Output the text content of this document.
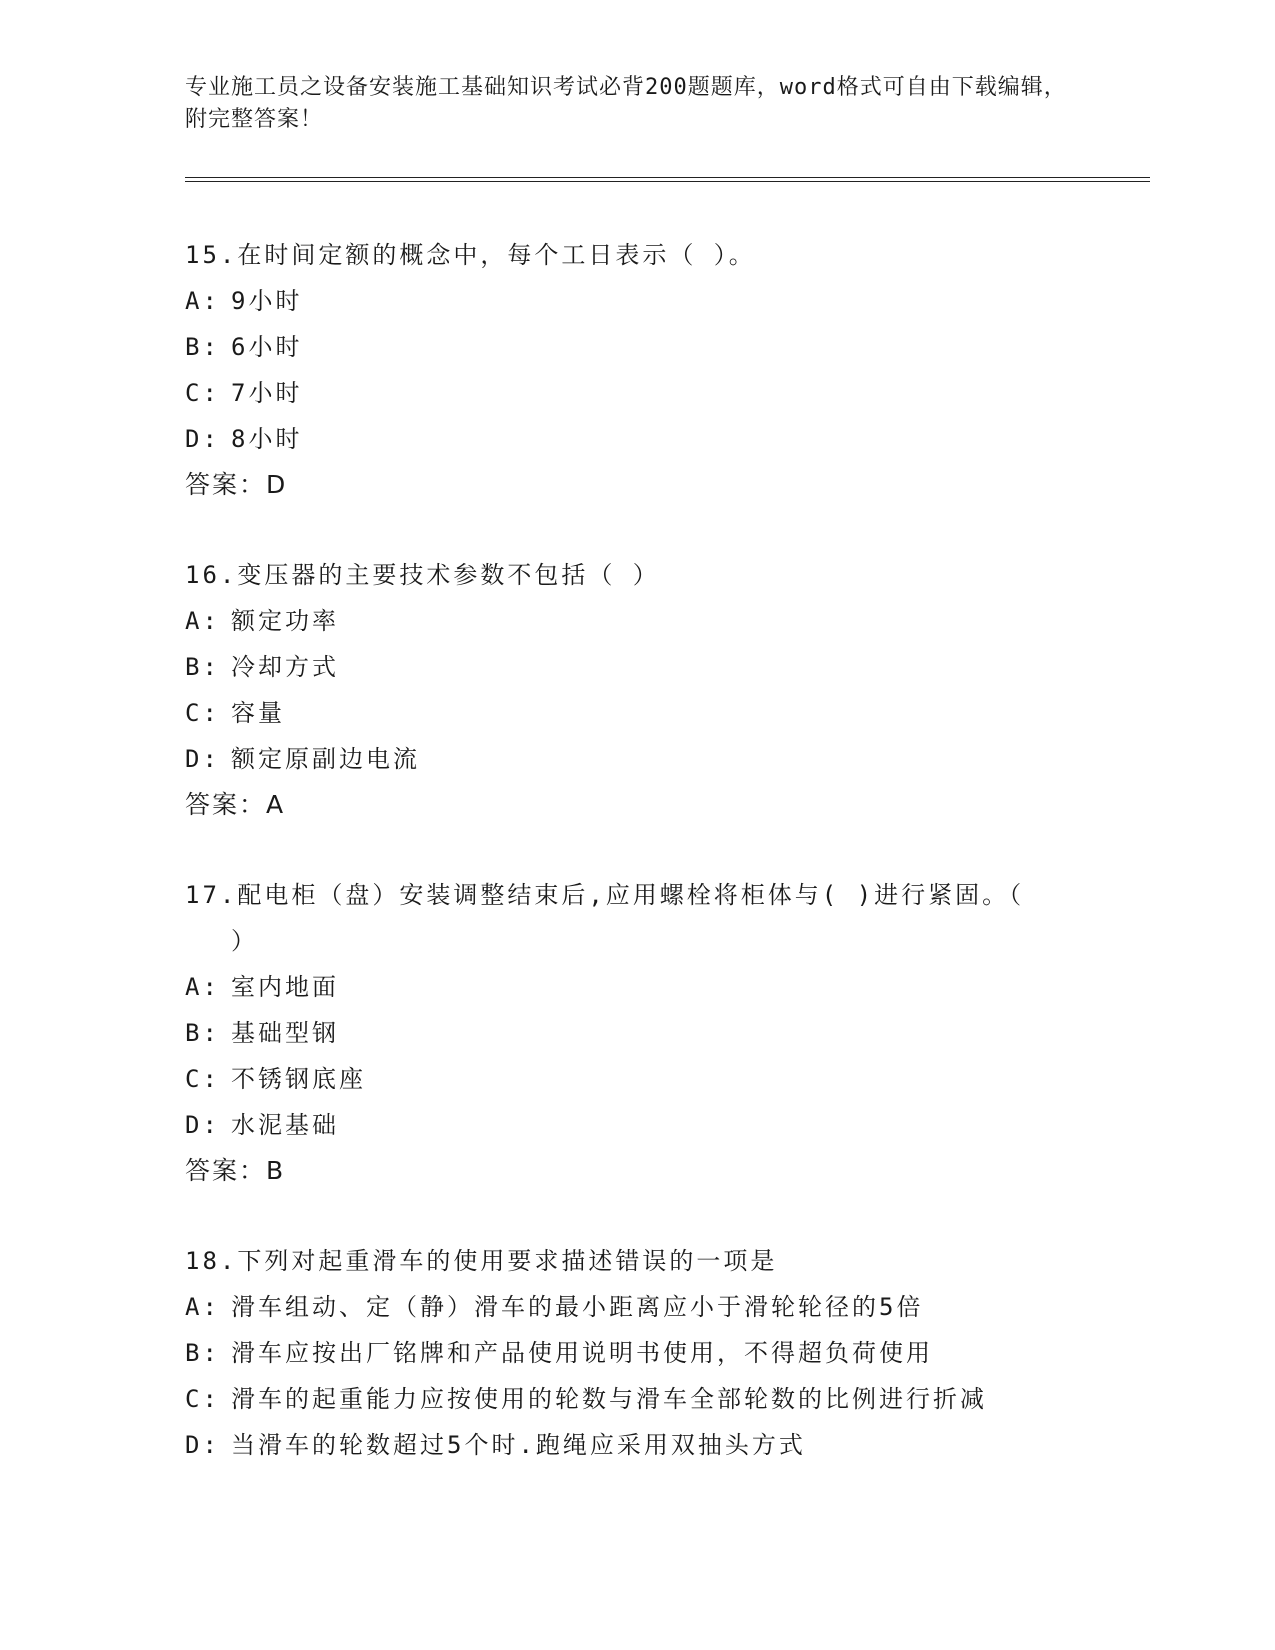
专业施工员之设备安装施工基础知识考试必背200题题库，word格式可自由下载编辑，附完整答案！
15.在时间定额的概念中，每个工日表示（ ）。
A: 9小时
B: 6小时
C: 7小时
D: 8小时
答案：D
16.变压器的主要技术参数不包括（ ）
A: 额定功率
B: 冷却方式
C: 容量
D: 额定原副边电流
答案：A
17.配电柜（盘）安装调整结束后,应用螺栓将柜体与( )进行紧固。（
）
A: 室内地面
B: 基础型钢
C: 不锈钢底座
D: 水泥基础
答案：B
18.下列对起重滑车的使用要求描述错误的一项是
A: 滑车组动、定（静）滑车的最小距离应小于滑轮轮径的5倍
B: 滑车应按出厂铭牌和产品使用说明书使用，不得超负荷使用
C: 滑车的起重能力应按使用的轮数与滑车全部轮数的比例进行折减
D: 当滑车的轮数超过5个时.跑绳应采用双抽头方式
